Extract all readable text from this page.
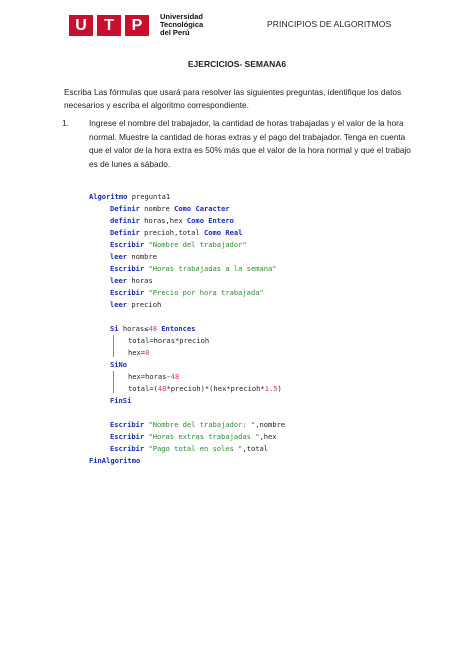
U	T	P	Universidad
Tecnológica
del Perú
PRINCIPIOS DE ALGORITMOS
EJERCICIOS- SEMANA6
Escriba Las fórmulas que usará para resolver las siguientes preguntas, identifique los datos necesarios y escriba el algoritmo correspondiente.
1. Ingrese el nombre del trabajador, la cantidad de horas trabajadas y el valor de la hora normal. Muestre la cantidad de horas extras y el pago del trabajador. Tenga en cuenta que el valor de la hora extra es 50% más que el valor de la hora normal y que el trabajo es de lunes a sábado.
Algoritmo pregunta1
Definir nombre Como Caracter
definir horas,hex Como Entero
Definir precioh,total Como Real
Escribir "Nombre del trabajador"
leer nombre
Escribir "Horas trabajadas a la semana"
leer horas
Escribir "Precio por hora trabajada"
leer precioh
Si horas≤48 Entonces
total=horas*precioh
hex=0
SiNo
hex=horas-48
total=(48*precioh)*(hex*precioh*1.5)
FinSi
Escribir "Nombre del trabajador: ",nombre
Escribir "Horas extras trabajadas ",hex
Escribir "Pago total en soles ",total
FinAlgoritmo
